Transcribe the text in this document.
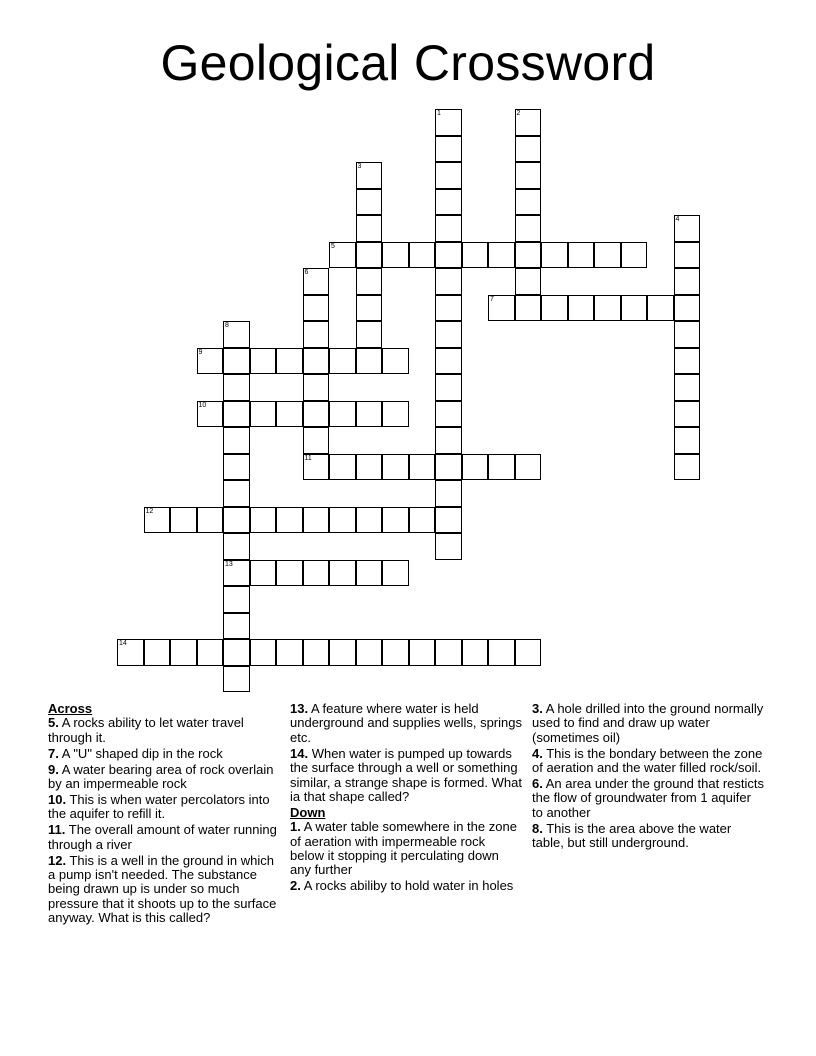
Geological Crossword
5
7
9
10
11
12
13
14
1	2
3
4
6
8

Across

5. A rocks ability to let water travel through it.

7. A "U" shaped dip in the rock

9. A water bearing area of rock overlain by an impermeable rock

10. This is when water percolators into the aquifer to refill it.

11. The overall amount of water running through a river

12. This is a well in the ground in which a pump isn't needed. The substance being drawn up is under so much pressure that it shoots up to the surface anyway. What is this called?

13. A feature where water is held underground and supplies wells, springs etc.

14. When water is pumped up towards the surface through a well or something similar, a strange shape is formed. What ia that shape called?

Down

1. A water table somewhere in the zone of aeration with impermeable rock below it stopping it perculating down any further

2. A rocks abiliby to hold water in holes

3. A hole drilled into the ground normally used to find and draw up water (sometimes oil)

4. This is the bondary between the zone of aeration and the water filled rock/soil.

6. An area under the ground that resticts the flow of groundwater from 1 aquifer to another

8. This is the area above the water table, but still underground.
